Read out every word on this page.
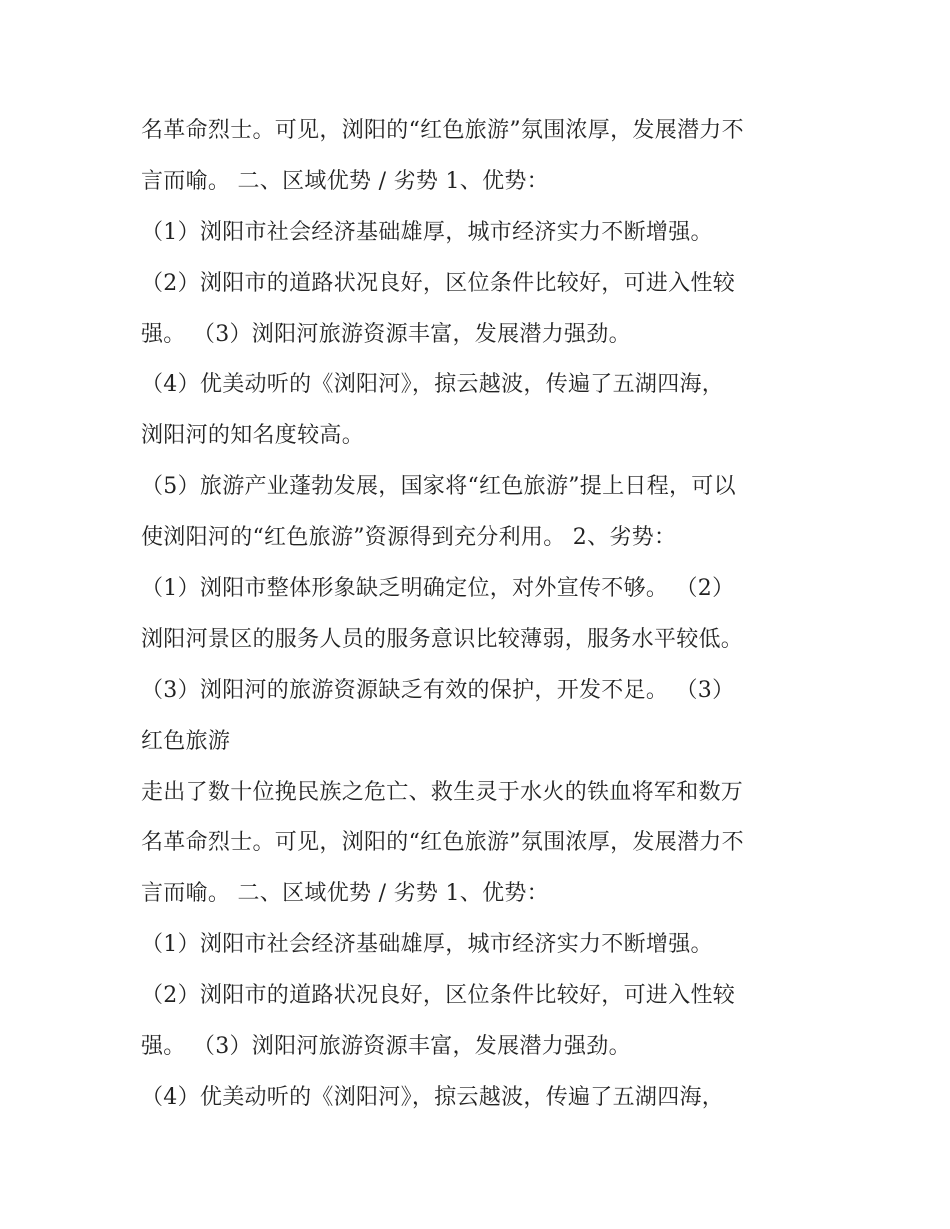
名革命烈士。可见，浏阳的“红色旅游”氛围浓厚，发展潜力不
言而喻。 二、区域优势 / 劣势 1、优势：
（1）浏阳市社会经济基础雄厚，城市经济实力不断增强。
（2）浏阳市的道路状况良好，区位条件比较好，可进入性较
强。 （3）浏阳河旅游资源丰富，发展潜力强劲。
（4）优美动听的《浏阳河》，掠云越波，传遍了五湖四海，
浏阳河的知名度较高。
（5）旅游产业蓬勃发展，国家将“红色旅游”提上日程，可以
使浏阳河的“红色旅游”资源得到充分利用。 2、劣势：
（1）浏阳市整体形象缺乏明确定位，对外宣传不够。 （2）
浏阳河景区的服务人员的服务意识比较薄弱，服务水平较低。
（3）浏阳河的旅游资源缺乏有效的保护，开发不足。 （3）
红色旅游
走出了数十位挽民族之危亡、救生灵于水火的铁血将军和数万
名革命烈士。可见，浏阳的“红色旅游”氛围浓厚，发展潜力不
言而喻。 二、区域优势 / 劣势 1、优势：
（1）浏阳市社会经济基础雄厚，城市经济实力不断增强。
（2）浏阳市的道路状况良好，区位条件比较好，可进入性较
强。 （3）浏阳河旅游资源丰富，发展潜力强劲。
（4）优美动听的《浏阳河》，掠云越波，传遍了五湖四海，
